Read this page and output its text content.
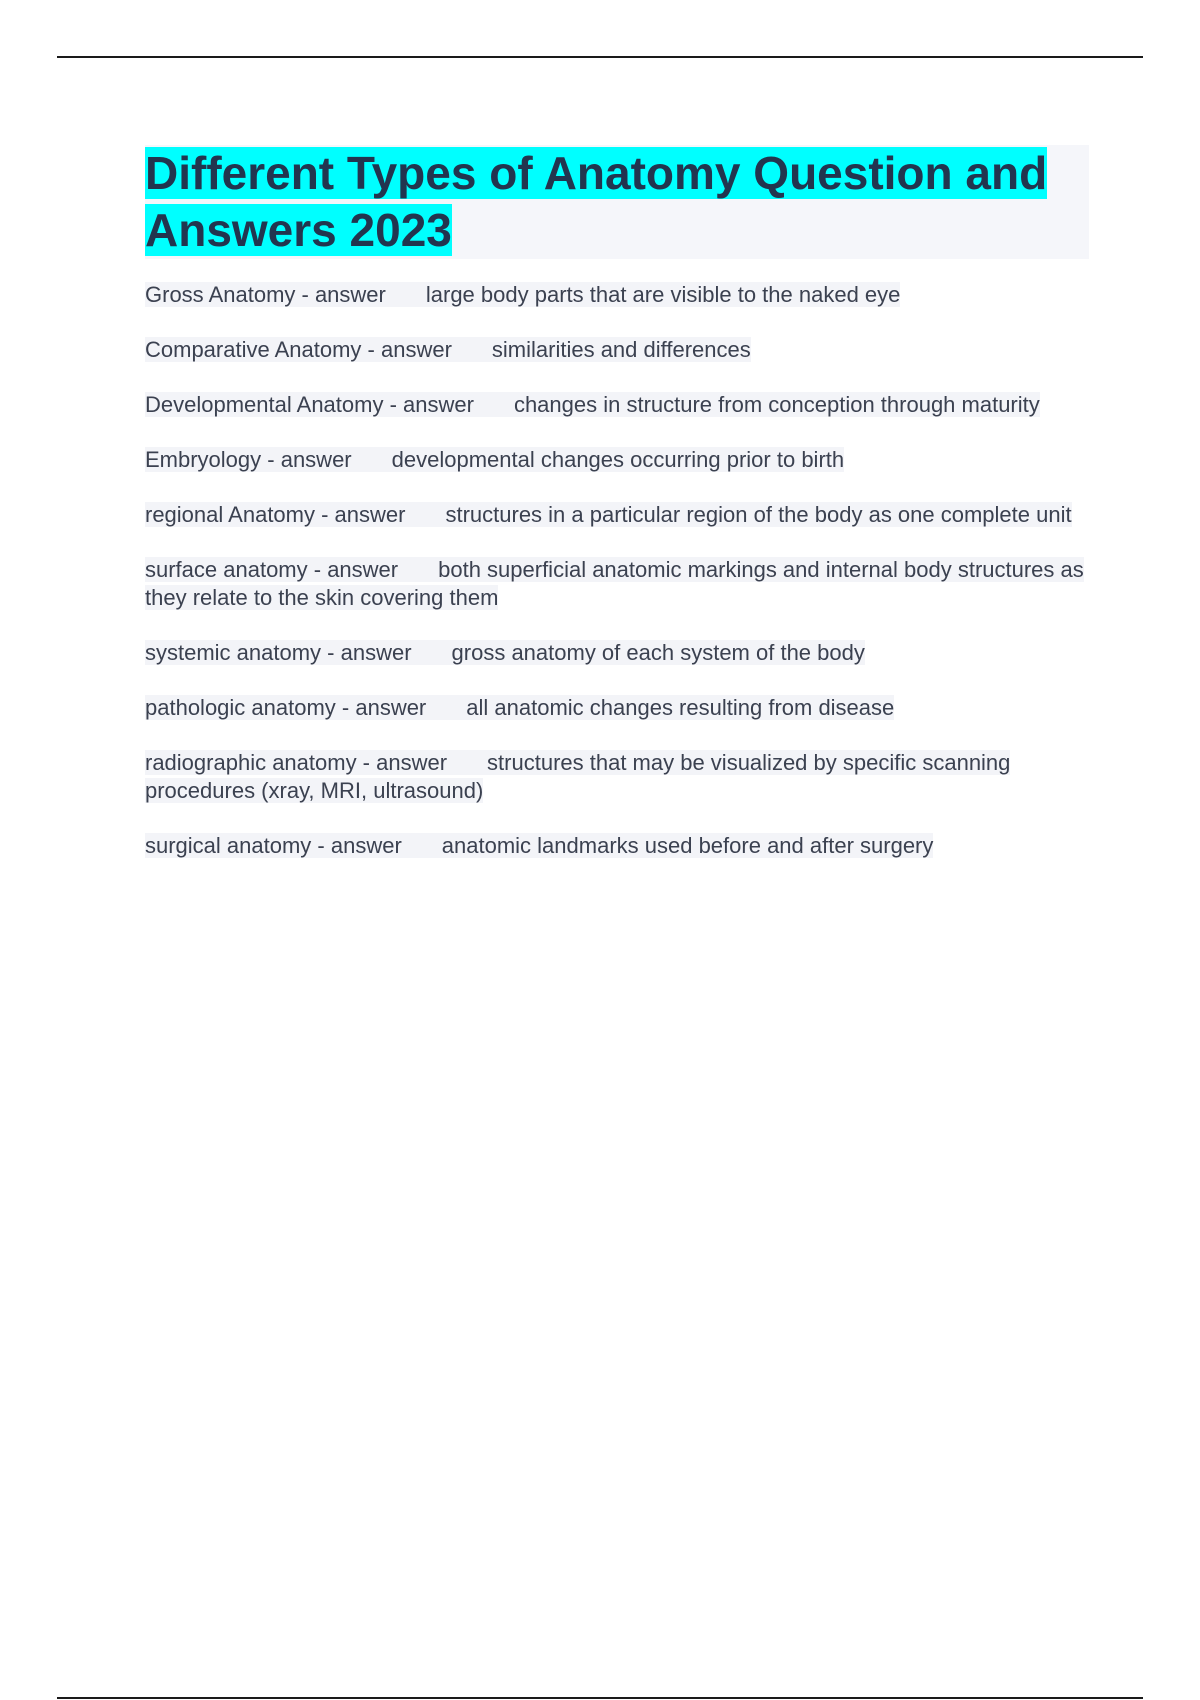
Different Types of Anatomy Question and Answers 2023
Gross Anatomy - answer large body parts that are visible to the naked eye
Comparative Anatomy - answer similarities and differences
Developmental Anatomy - answer changes in structure from conception through maturity
Embryology - answer developmental changes occurring prior to birth
regional Anatomy - answer structures in a particular region of the body as one complete unit
surface anatomy - answer both superficial anatomic markings and internal body structures as they relate to the skin covering them
systemic anatomy - answer gross anatomy of each system of the body
pathologic anatomy - answer all anatomic changes resulting from disease
radiographic anatomy - answer structures that may be visualized by specific scanning procedures (xray, MRI, ultrasound)
surgical anatomy - answer anatomic landmarks used before and after surgery
